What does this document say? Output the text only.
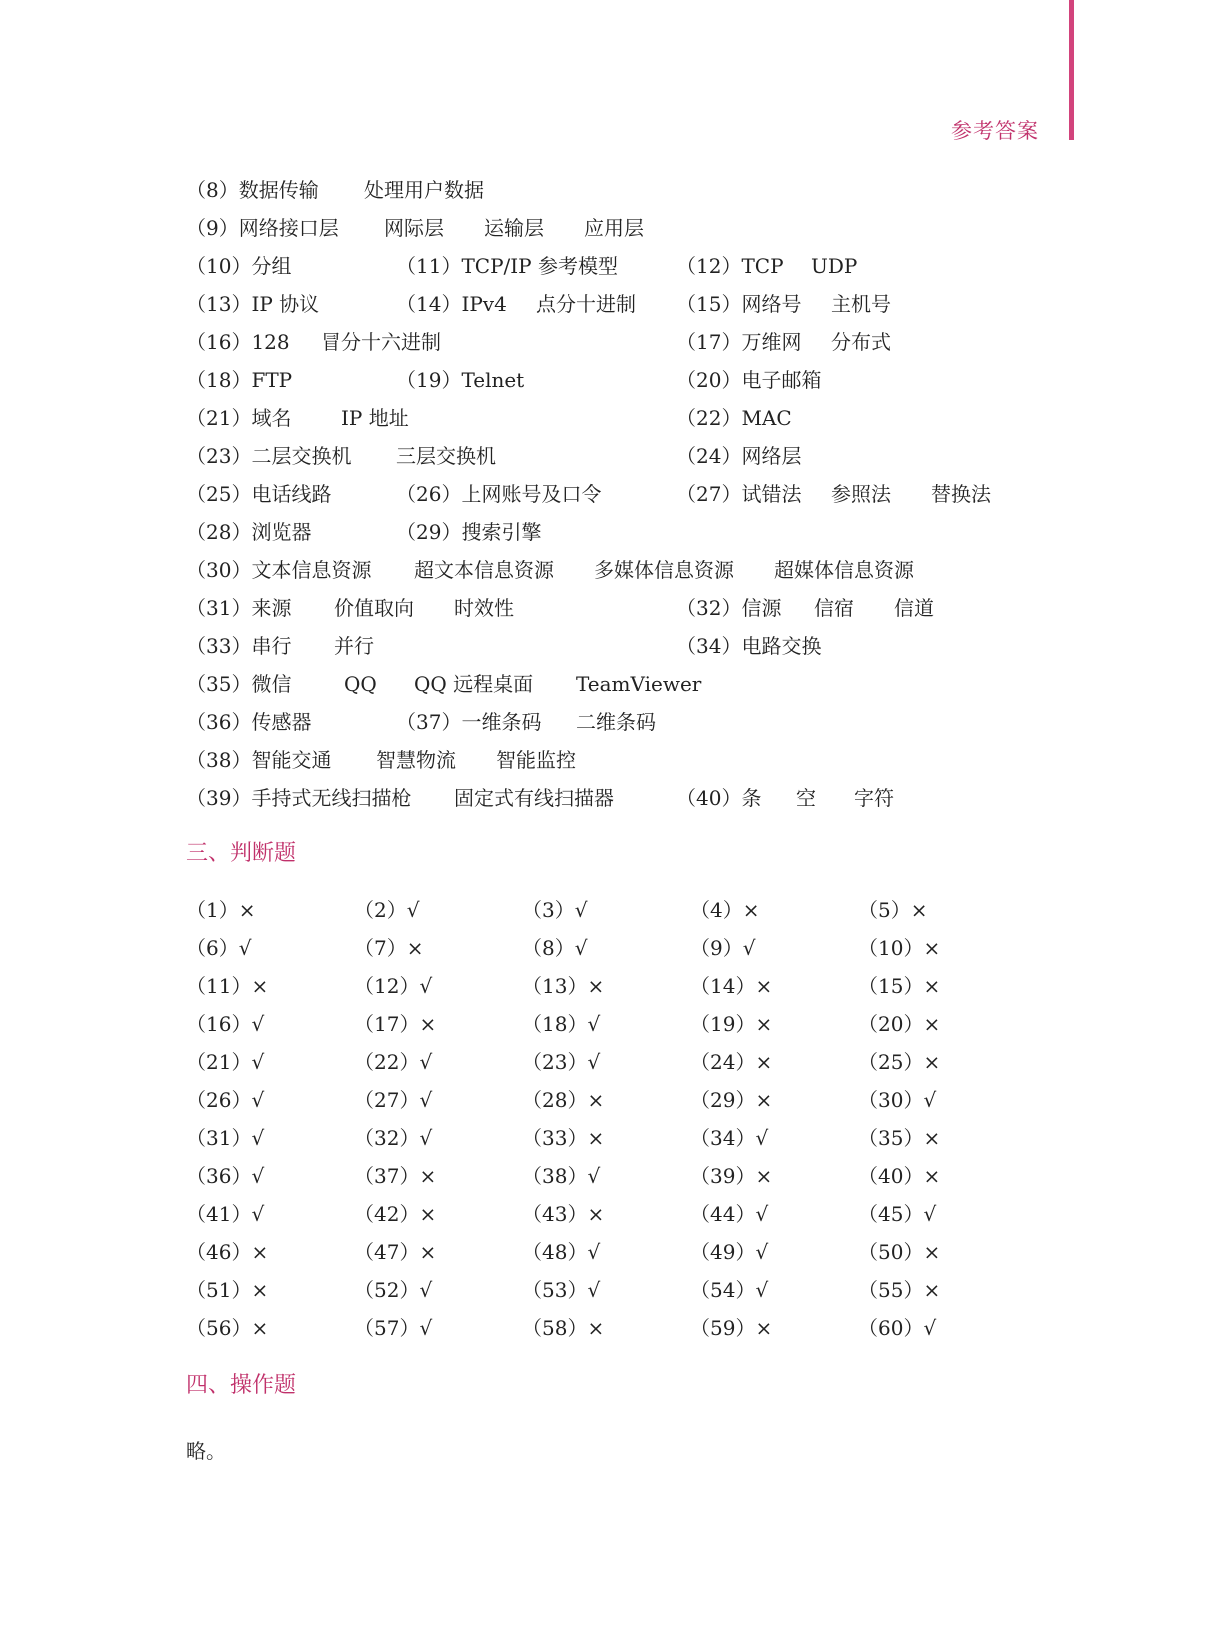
参考答案
（8）数据传输 处理用户数据
（9）网络接口层 网际层 运输层 应用层
（10）分组	（11）TCP/IP 参考模型	（12）TCP UDP
（13）IP 协议	（14）IPv4 点分十进制 （15）网络号 主机号
（16）128 冒分十六进制	（17）万维网 分布式
（18）FTP	（19）Telnet	（20）电子邮箱
（21）域名 IP 地址	（22）MAC
（23）二层交换机 三层交换机	（24）网络层
（25）电话线路	（26）上网账号及口令	（27）试错法 参照法 替换法
（28）浏览器	（29）搜索引擎
（30）文本信息资源 超文本信息资源 多媒体信息资源 超媒体信息资源
（31）来源 价值取向 时效性	（32）信源 信宿 信道
（33）串行 并行	（34）电路交换
（35）微信	QQ QQ 远程桌面 TeamViewer
（36）传感器	（37）一维条码 二维条码
（38）智能交通 智慧物流 智能监控
（39）手持式无线扫描枪 固定式有线扫描器	（40）条 空 字符
三、判断题
（1）×	（2）√	（3）√	（4）×	（5）×
（6）√	（7）×	（8）√	（9）√	（10）×
（11）×	（12）√	（13）×	（14）×	（15）×
（16）√	（17）×	（18）√	（19）×	（20）×
（21）√	（22）√	（23）√	（24）×	（25）×
（26）√	（27）√	（28）×	（29）×	（30）√
（31）√	（32）√	（33）×	（34）√	（35）×
（36）√	（37）×	（38）√	（39）×	（40）×
（41）√	（42）×	（43）×	（44）√	（45）√
（46）×	（47）×	（48）√	（49）√	（50）×
（51）×	（52）√	（53）√	（54）√	（55）×
（56）×	（57）√	（58）×	（59）×	（60）√
四、操作题
略。
